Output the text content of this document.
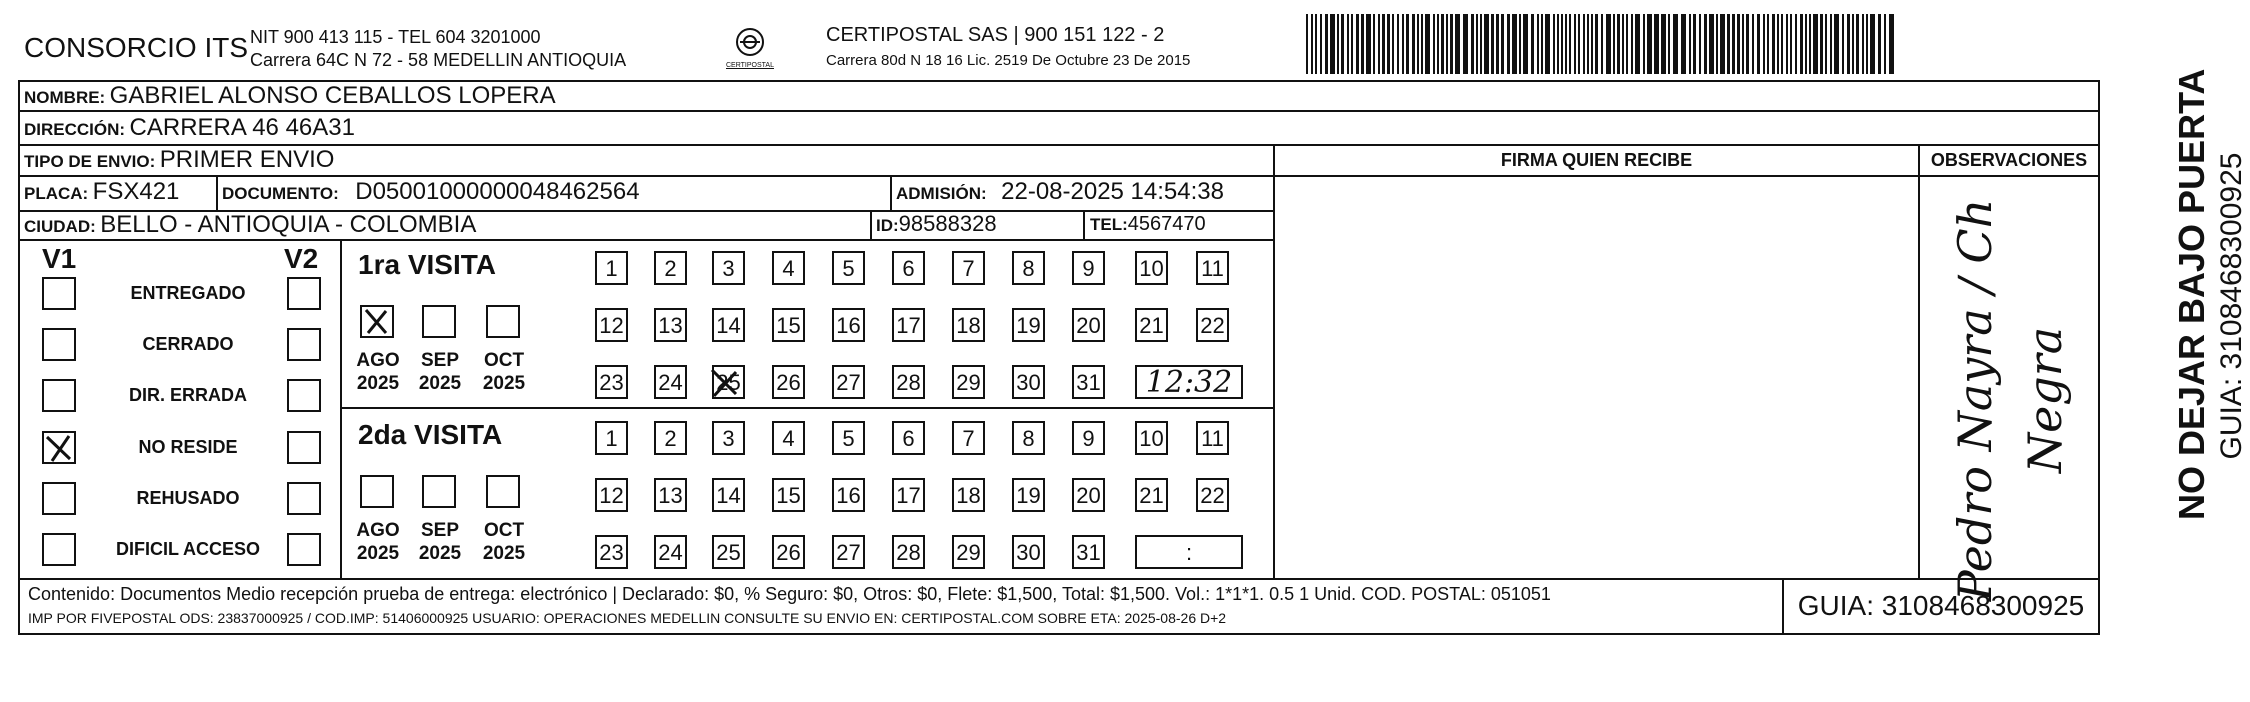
CONSORCIO ITS NIT 900 413 115 - TEL 604 3201000
Carrera 64C N 72 - 58 MEDELLIN ANTIOQUIA	CERTIPOSTAL
CERTIPOSTAL SAS | 900 151 122 - 2
Carrera 80d N 18 16 Lic. 2519 De Octubre 23 De 2015
NOMBRE: GABRIEL ALONSO CEBALLOS LOPERA
DIRECCIÓN: CARRERA 46 46A31
TIPO DE ENVIO: PRIMER ENVIO
PLACA: FSX421	DOCUMENTO: D05001000000048462564	ADMISIÓN: 22-08-2025 14:54:38
CIUDAD: BELLO - ANTIOQUIA - COLOMBIA	ID:98588328	TEL:4567470
FIRMA QUIEN RECIBE	OBSERVACIONES
Pedro Nayra / Ch Negra	NO DEJAR BAJO PUERTA GUIA: 3108468300925
V1	V2
ENTREGADO
CERRADO
DIR. ERRADA
NO RESIDE
REHUSADO
DIFICIL ACCESO
1ra VISITA
AGO
2025
SEP
2025
OCT
2025
1	2	3	4	5	6	7	8	9	10 11
12 13 14 15 16 17 18 19 20 21 22
23 24 25 26 27 28 29 30 31	12:32
2da VISITA
AGO
2025
SEP
2025
OCT
2025
1	2	3	4	5	6	7	8	9	10 11
12 13 14 15 16 17 18 19 20 21 22
23 24 25 26 27 28 29 30 31	:
Contenido: Documentos Medio recepción prueba de entrega: electrónico | Declarado: $0, % Seguro: $0, Otros: $0, Flete: $1,500, Total: $1,500. Vol.: 1*1*1. 0.5 1 Unid. COD. POSTAL: 051051
IMP POR FIVEPOSTAL ODS: 23837000925 / COD.IMP: 51406000925 USUARIO: OPERACIONES MEDELLIN CONSULTE SU ENVIO EN: CERTIPOSTAL.COM SOBRE ETA: 2025-08-26 D+2	GUIA: 3108468300925
